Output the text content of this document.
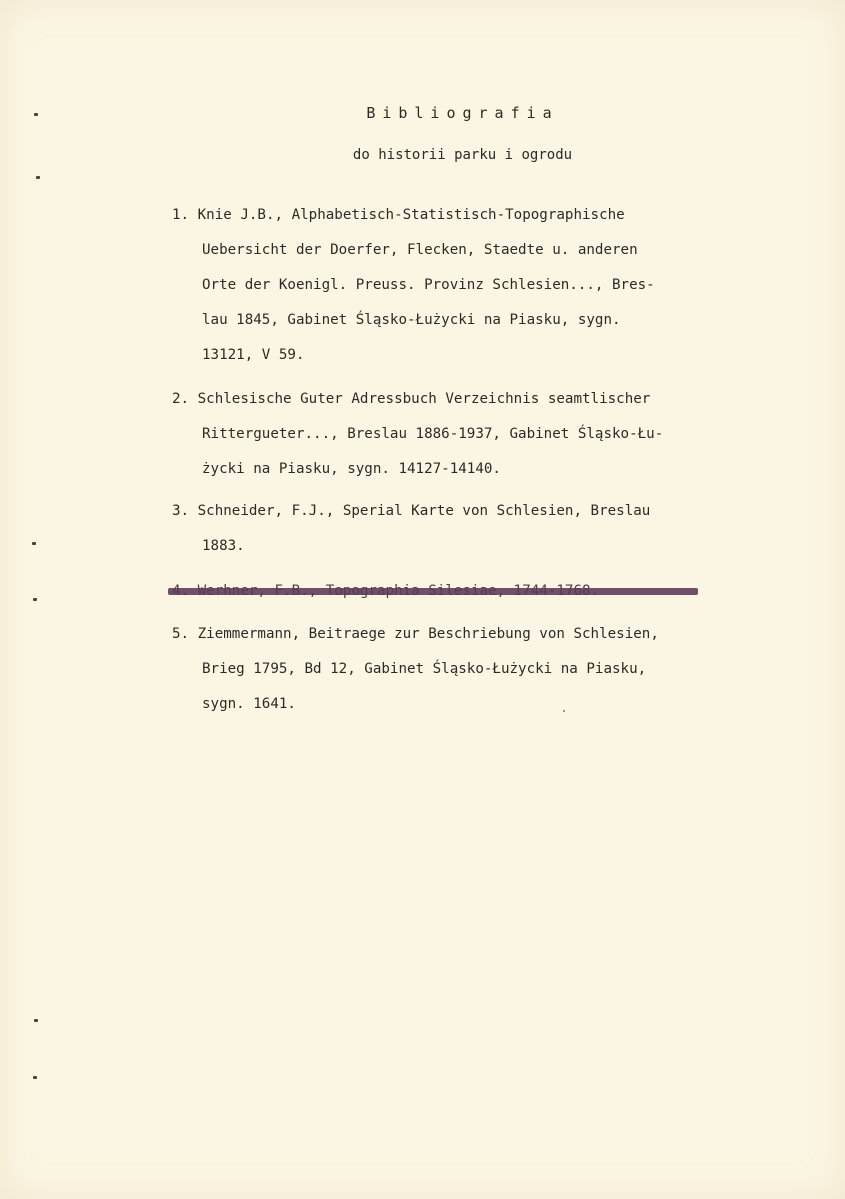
Bibliografia
do historii parku i ogrodu
1. Knie J.B., Alphabetisch-Statistisch-Topographische
Uebersicht der Doerfer, Flecken, Staedte u. anderen
Orte der Koenigl. Preuss. Provinz Schlesien..., Bres-
lau 1845, Gabinet Śląsko-Łużycki na Piasku, sygn.
13121, V 59.
2. Schlesische Guter Adressbuch Verzeichnis seamtlischer
Rittergueter..., Breslau 1886-1937, Gabinet Śląsko-Łu-
życki na Piasku, sygn. 14127-14140.
3. Schneider, F.J., Sperial Karte von Schlesien, Breslau
1883.
5. Ziemmermann, Beitraege zur Beschriebung von Schlesien,
Brieg 1795, Bd 12, Gabinet Śląsko-Łużycki na Piasku,
sygn. 1641.
